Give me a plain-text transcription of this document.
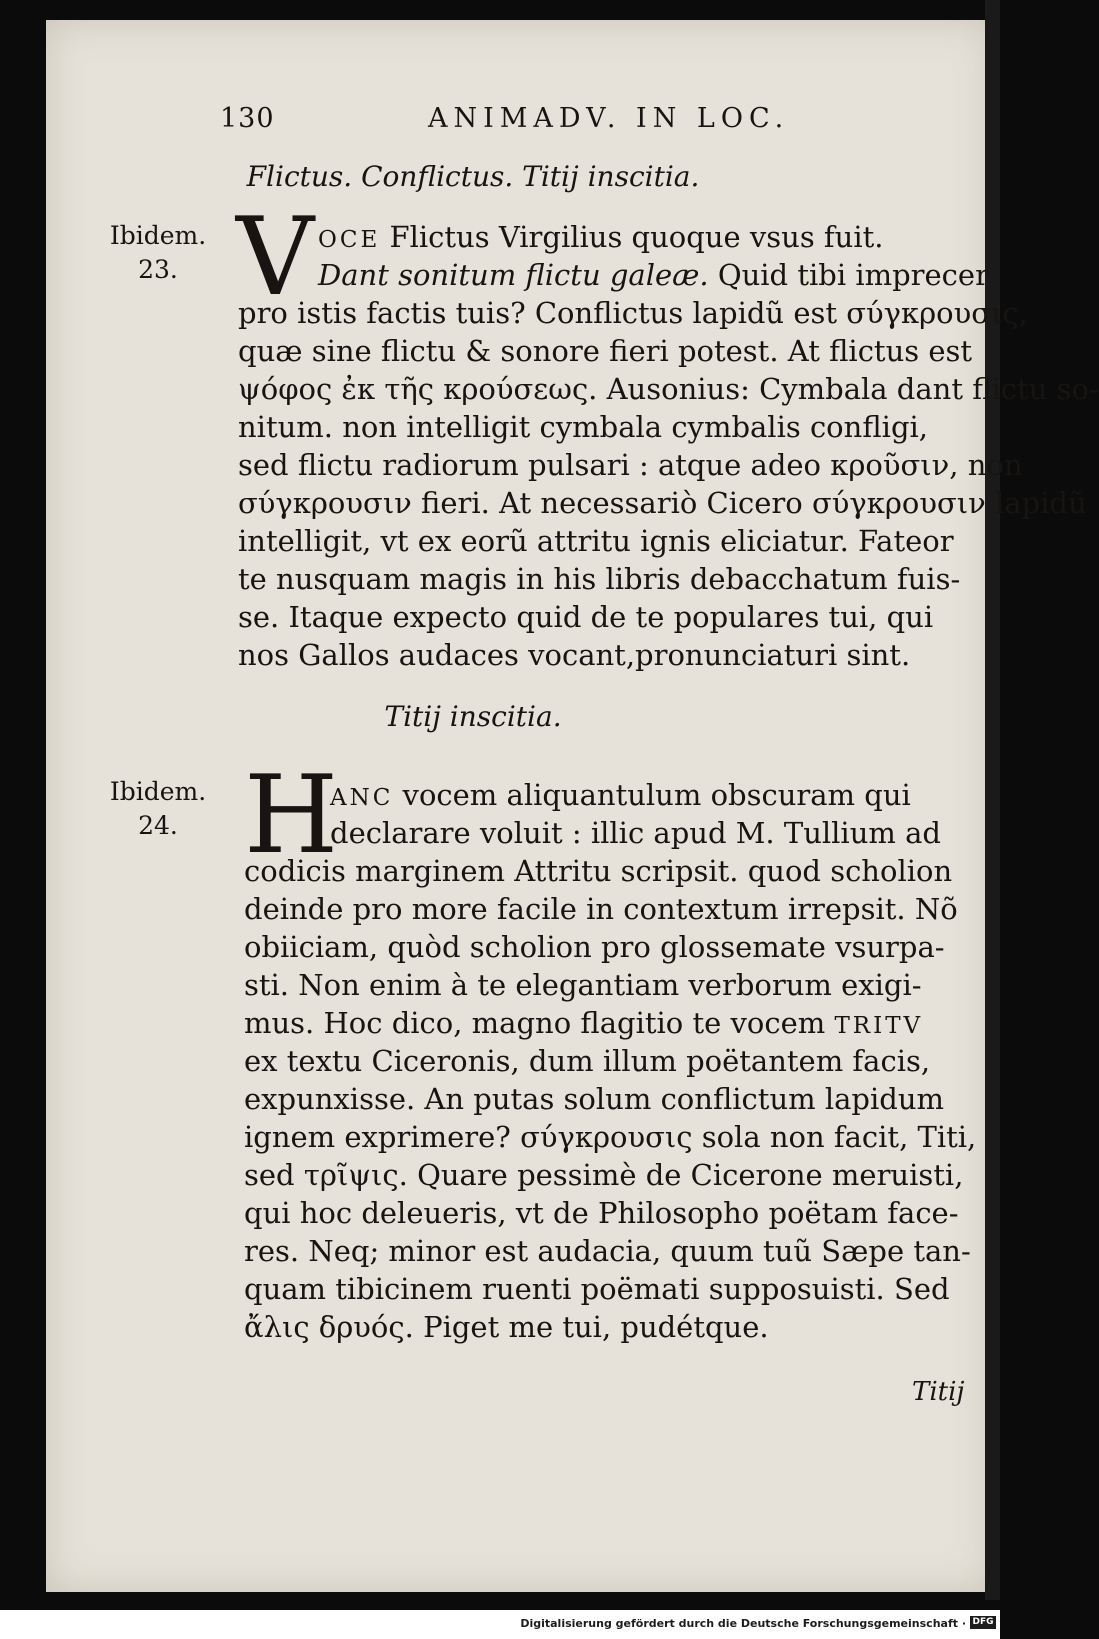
130	ANIMADV. IN LOC.
Flictus. Conflictus. Titij inscitia.
Ibidem.
23. V OCE Flictus Virgilius quoque vsus fuit.
Dant sonitum flictu galeæ. Quid tibi imprecer
pro istis factis tuis? Conflictus lapidũ est σύγκρουσις,
quæ sine flictu & sonore fieri potest. At flictus est
ψόφος ἐκ τῆς κρούσεως. Ausonius: Cymbala dant flictu so-
nitum. non intelligit cymbala cymbalis confligi,
sed flictu radiorum pulsari : atque adeo κροῦσιν, non
σύγκρουσιν fieri. At necessariò Cicero σύγκρουσιν lapidũ
intelligit, vt ex eorũ attritu ignis eliciatur. Fateor
te nusquam magis in his libris debacchatum fuis-
se. Itaque expecto quid de te populares tui, qui
nos Gallos audaces vocant,pronunciaturi sint.
Titij inscitia.
Ibidem.
24. H
ANC vocem aliquantulum obscuram qui
declarare voluit : illic apud M. Tullium ad
codicis marginem Attritu scripsit. quod scholion
deinde pro more facile in contextum irrepsit. Nõ
obiiciam, quòd scholion pro glossemate vsurpa-
sti. Non enim à te elegantiam verborum exigi-
mus. Hoc dico, magno flagitio te vocem TRITV
ex textu Ciceronis, dum illum poëtantem facis,
expunxisse. An putas solum conflictum lapidum
ignem exprimere? σύγκρουσις sola non facit, Titi,
sed τρῖψις. Quare pessimè de Cicerone meruisti,
qui hoc deleueris, vt de Philosopho poëtam face-
res. Neq; minor est audacia, quum tuũ Sæpe tan-
quam tibicinem ruenti poëmati supposuisti. Sed
ἄλις δρυός. Piget me tui, pudétque.
Titij
Digitalisierung gefördert durch die Deutsche Forschungsgemeinschaft · DFG
